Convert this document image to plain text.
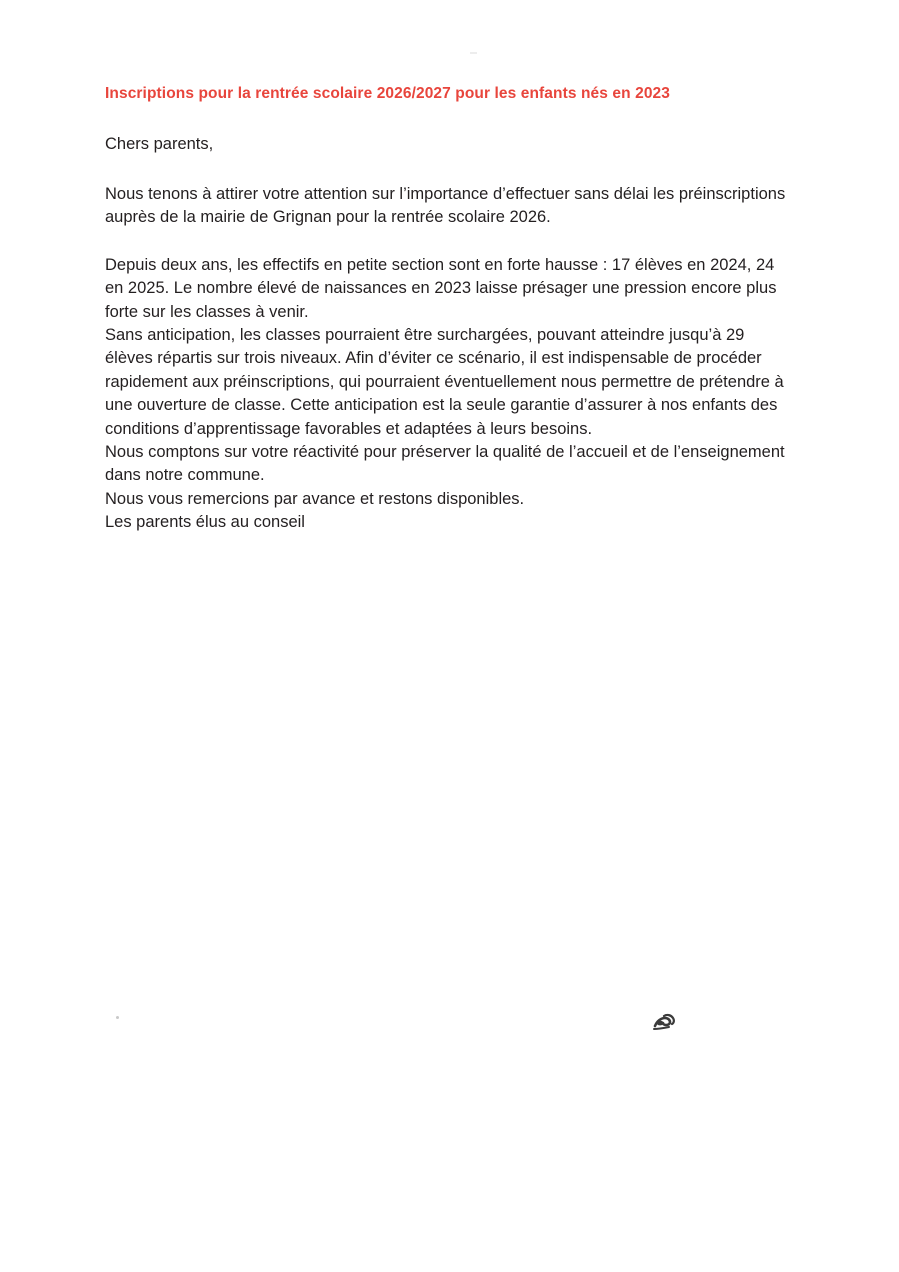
Inscriptions pour la rentrée scolaire 2026/2027 pour les enfants nés en 2023

Chers parents,

Nous tenons à attirer votre attention sur l’importance d’effectuer sans délai les préinscriptions auprès de la mairie de Grignan pour la rentrée scolaire 2026.

Depuis deux ans, les effectifs en petite section sont en forte hausse : 17 élèves en 2024, 24 en 2025. Le nombre élevé de naissances en 2023 laisse présager une pression encore plus forte sur les classes à venir.

Sans anticipation, les classes pourraient être surchargées, pouvant atteindre jusqu’à 29 élèves répartis sur trois niveaux. Afin d’éviter ce scénario, il est indispensable de procéder rapidement aux préinscriptions, qui pourraient éventuellement nous permettre de prétendre à une ouverture de classe. Cette anticipation est la seule garantie d’assurer à nos enfants des conditions d’apprentissage favorables et adaptées à leurs besoins.

Nous comptons sur votre réactivité pour préserver la qualité de l’accueil et de l’enseignement dans notre commune.

Nous vous remercions par avance et restons disponibles.

Les parents élus au conseil
